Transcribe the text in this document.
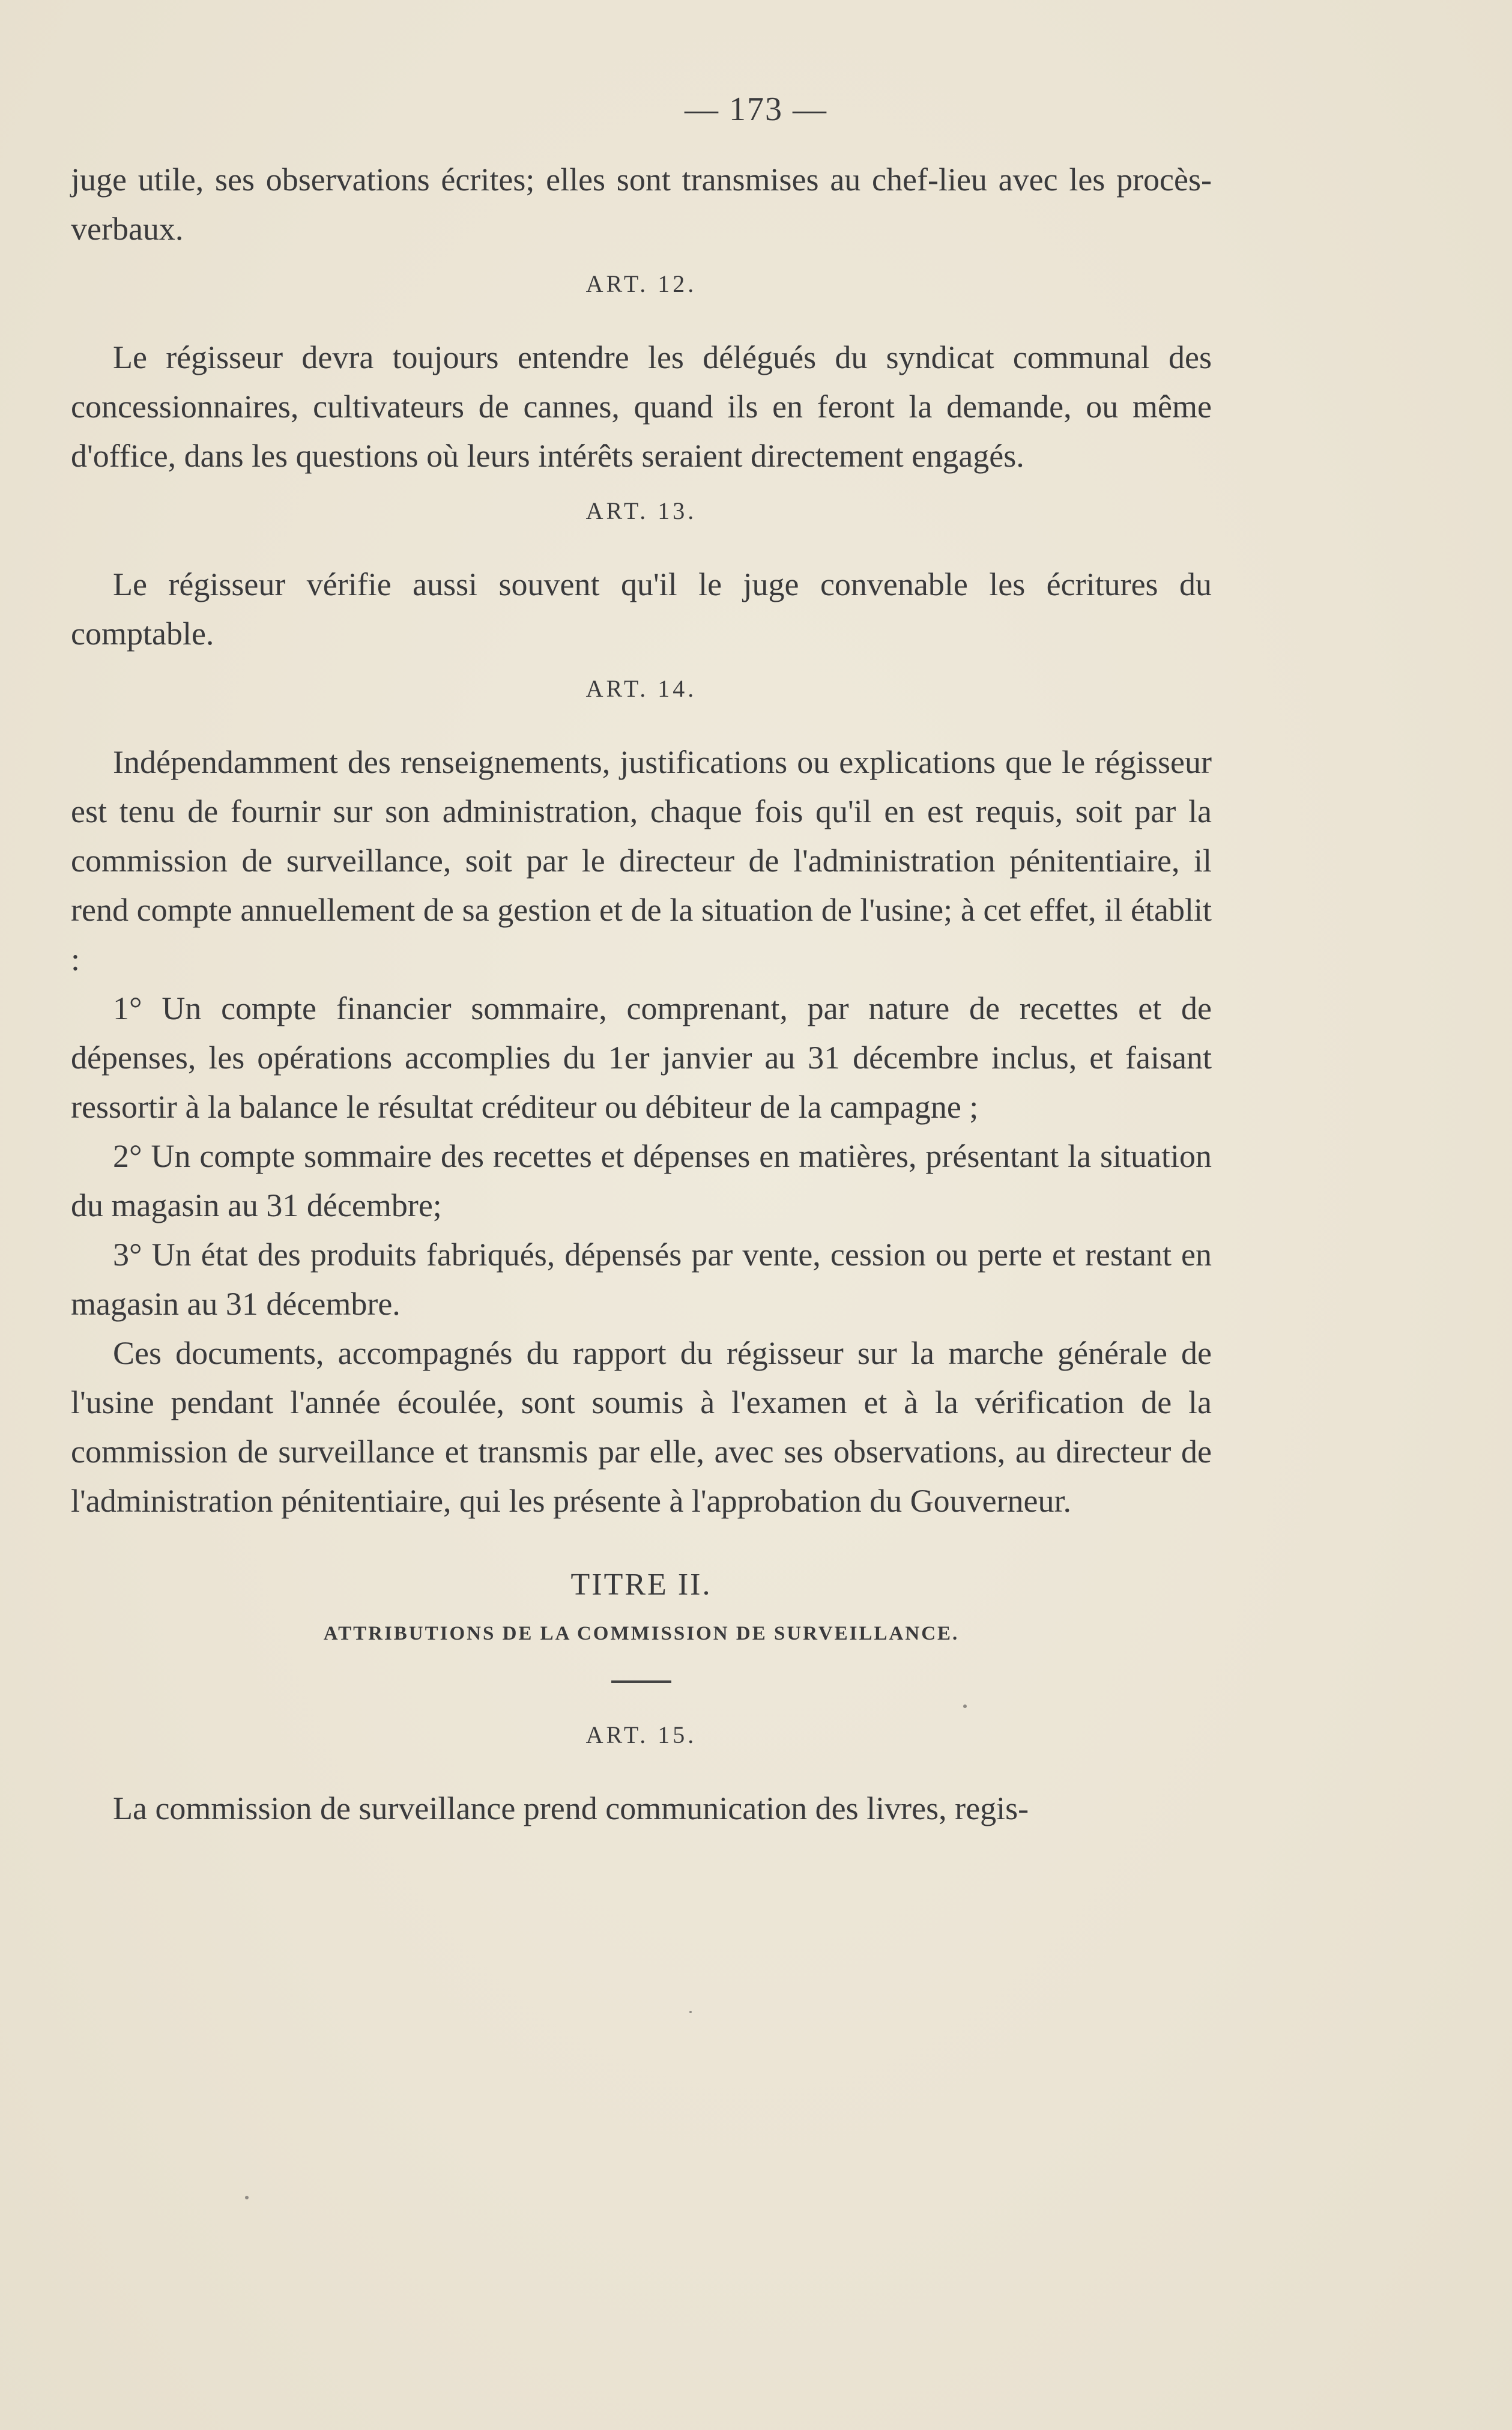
— 173 —

juge utile, ses observations écrites; elles sont transmises au chef-lieu avec les procès-verbaux.

ART. 12.

Le régisseur devra toujours entendre les délégués du syndicat communal des concessionnaires, cultivateurs de cannes, quand ils en feront la demande, ou même d'office, dans les questions où leurs intérêts seraient directement engagés.

ART. 13.

Le régisseur vérifie aussi souvent qu'il le juge convenable les écritures du comptable.

ART. 14.

Indépendamment des renseignements, justifications ou explications que le régisseur est tenu de fournir sur son administration, chaque fois qu'il en est requis, soit par la commission de surveillance, soit par le directeur de l'administration pénitentiaire, il rend compte annuellement de sa gestion et de la situation de l'usine; à cet effet, il établit :

1° Un compte financier sommaire, comprenant, par nature de recettes et de dépenses, les opérations accomplies du 1er janvier au 31 décembre inclus, et faisant ressortir à la balance le résultat créditeur ou débiteur de la campagne ;

2° Un compte sommaire des recettes et dépenses en matières, présentant la situation du magasin au 31 décembre;

3° Un état des produits fabriqués, dépensés par vente, cession ou perte et restant en magasin au 31 décembre.

Ces documents, accompagnés du rapport du régisseur sur la marche générale de l'usine pendant l'année écoulée, sont soumis à l'examen et à la vérification de la commission de surveillance et transmis par elle, avec ses observations, au directeur de l'administration pénitentiaire, qui les présente à l'approbation du Gouverneur.

TITRE II.
ATTRIBUTIONS DE LA COMMISSION DE SURVEILLANCE.
ART. 15.

La commission de surveillance prend communication des livres, regis-
